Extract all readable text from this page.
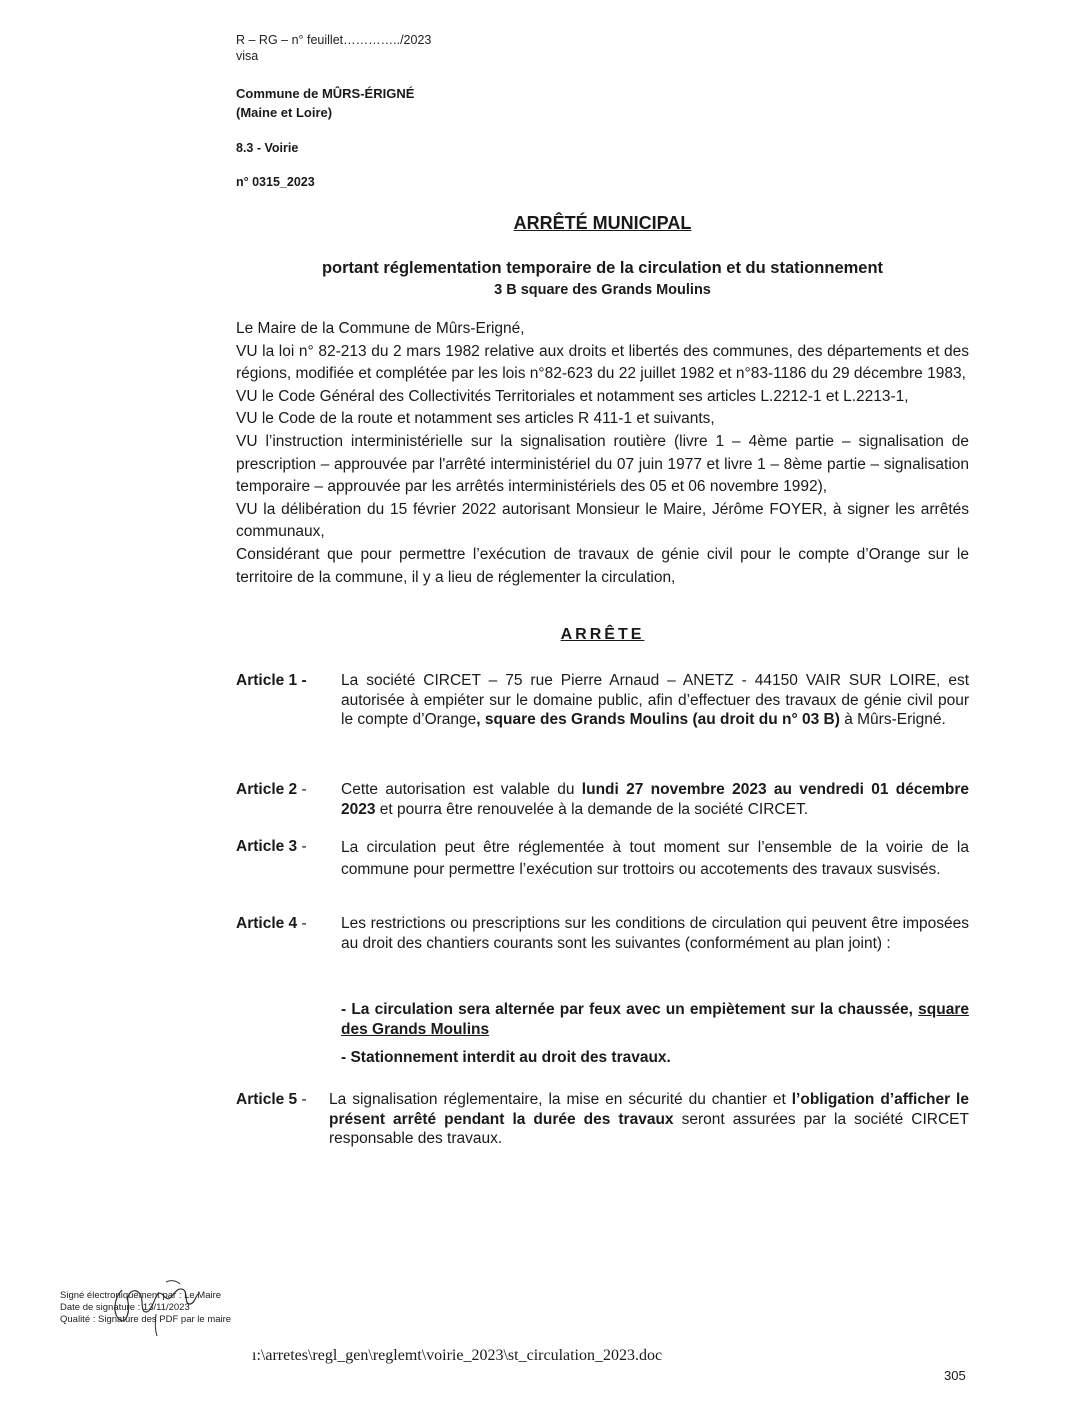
R – RG – n° feuillet…………../2023
visa
Commune de MÛRS-ÉRIGNÉ
(Maine et Loire)
8.3 - Voirie
n° 0315_2023
ARRÊTÉ MUNICIPAL
portant réglementation temporaire de la circulation et du stationnement
3 B square des Grands Moulins

Le Maire de la Commune de Mûrs-Erigné,

VU la loi n° 82-213 du 2 mars 1982 relative aux droits et libertés des communes, des départements et des régions, modifiée et complétée par les lois n°82-623 du 22 juillet 1982 et n°83-1186 du 29 décembre 1983,

VU le Code Général des Collectivités Territoriales et notamment ses articles L.2212-1 et L.2213-1,

VU le Code de la route et notamment ses articles R 411-1 et suivants,

VU l’instruction interministérielle sur la signalisation routière (livre 1 – 4ème partie – signalisation de prescription – approuvée par l'arrêté interministériel du 07 juin 1977 et livre 1 – 8ème partie – signalisation temporaire – approuvée par les arrêtés interministériels des 05 et 06 novembre 1992),

VU la délibération du 15 février 2022 autorisant Monsieur le Maire, Jérôme FOYER, à signer les arrêtés communaux,

Considérant que pour permettre l’exécution de travaux de génie civil pour le compte d’Orange sur le territoire de la commune, il y a lieu de réglementer la circulation,

ARRÊTE
Article 1 -	La société CIRCET – 75 rue Pierre Arnaud – ANETZ - 44150 VAIR SUR LOIRE, est autorisée à empiéter sur le domaine public, afin d’effectuer des travaux de génie civil pour le compte d’Orange, square des Grands Moulins (au droit du n° 03 B) à Mûrs-Erigné.
Article 2 -	Cette autorisation est valable du lundi 27 novembre 2023 au vendredi 01 décembre 2023 et pourra être renouvelée à la demande de la société CIRCET.
Article 3 -	La circulation peut être réglementée à tout moment sur l’ensemble de la voirie de la commune pour permettre l’exécution sur trottoirs ou accotements des travaux susvisés.
Article 4 -	Les restrictions ou prescriptions sur les conditions de circulation qui peuvent être imposées au droit des chantiers courants sont les suivantes (conformément au plan joint) :
- La circulation sera alternée par feux avec un empiètement sur la chaussée, square des Grands Moulins
- Stationnement interdit au droit des travaux.
Article 5 -	La signalisation réglementaire, la mise en sécurité du chantier et l’obligation d’afficher le présent arrêté pendant la durée des travaux seront assurées par la société CIRCET responsable des travaux.

Signé électroniquement par : Le Maire

Date de signature : 13/11/2023

Qualité : Signature des PDF par le maire

ı:\arretes\regl_gen\reglemt\voirie_2023\st_circulation_2023.doc
305
